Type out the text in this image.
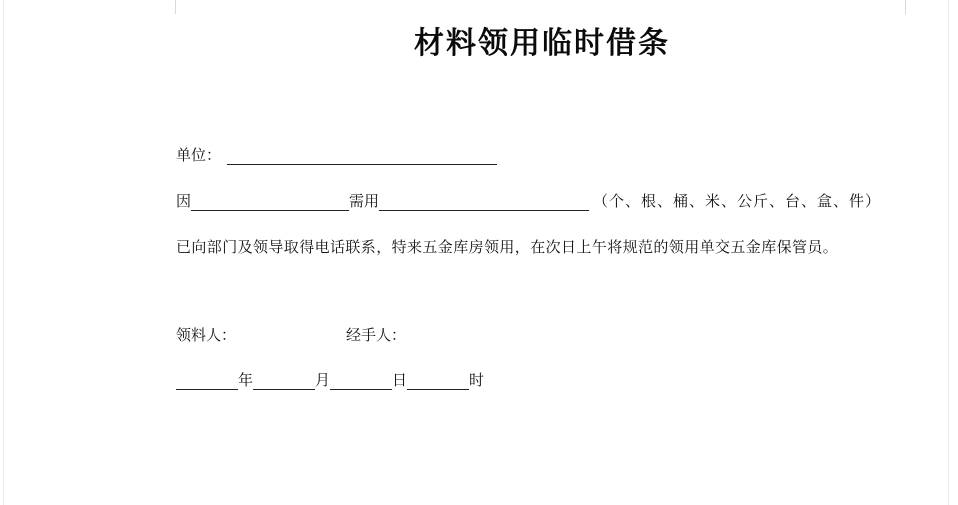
材料领用临时借条
单位：
因	需用	（个、根、桶、米、公斤、台、盒、件）
已向部门及领导取得电话联系，特来五金库房领用，在次日上午将规范的领用单交五金库保管员。
领料人：	经手人：
年	月	日	时
